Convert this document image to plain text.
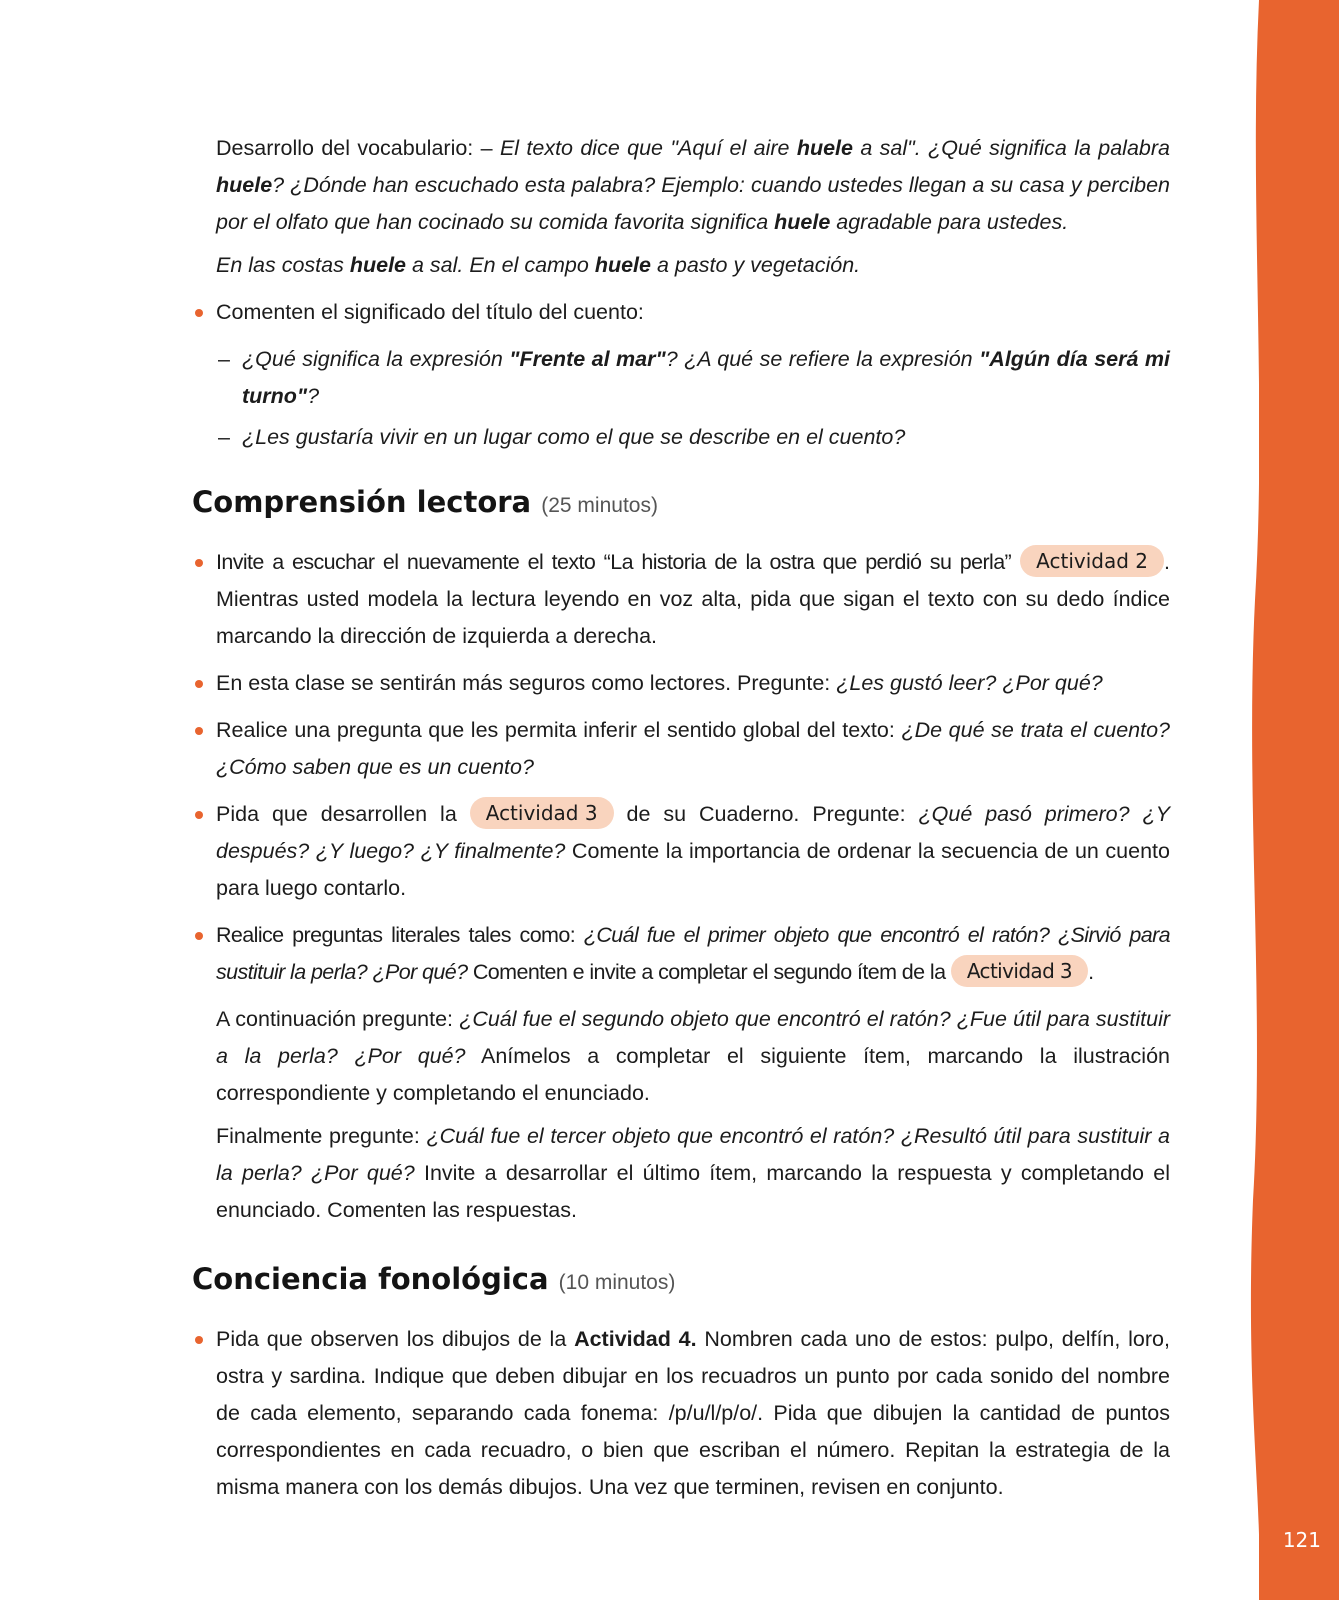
121

Desarrollo del vocabulario: – El texto dice que "Aquí el aire huele a sal". ¿Qué significa la palabra huele? ¿Dónde han escuchado esta palabra? Ejemplo: cuando ustedes llegan a su casa y perciben por el olfato que han cocinado su comida favorita significa huele agradable para ustedes.

En las costas huele a sal. En el campo huele a pasto y vegetación.

Comenten el significado del título del cuento:
– ¿Qué significa la expresión "Frente al mar"? ¿A qué se refiere la expresión "Algún día será mi turno"?
– ¿Les gustaría vivir en un lugar como el que se describe en el cuento?
Comprensión lectora (25 minutos)
Invite a escuchar el nuevamente el texto “La historia de la ostra que perdió su perla” Actividad 2 . Mientras usted modela la lectura leyendo en voz alta, pida que sigan el texto con su dedo índice marcando la dirección de izquierda a derecha.
En esta clase se sentirán más seguros como lectores. Pregunte: ¿Les gustó leer? ¿Por qué?
Realice una pregunta que les permita inferir el sentido global del texto: ¿De qué se trata el cuento? ¿Cómo saben que es un cuento?
Pida que desarrollen la Actividad 3 de su Cuaderno. Pregunte: ¿Qué pasó primero? ¿Y después? ¿Y luego? ¿Y finalmente? Comente la importancia de ordenar la secuencia de un cuento para luego contarlo.
Realice preguntas literales tales como: ¿Cuál fue el primer objeto que encontró el ratón? ¿Sirvió para sustituir la perla? ¿Por qué? Comenten e invite a completar el segundo ítem de la Actividad 3 .

A continuación pregunte: ¿Cuál fue el segundo objeto que encontró el ratón? ¿Fue útil para sustituir a la perla? ¿Por qué? Anímelos a completar el siguiente ítem, marcando la ilustración correspondiente y completando el enunciado.

Finalmente pregunte: ¿Cuál fue el tercer objeto que encontró el ratón? ¿Resultó útil para sustituir a la perla? ¿Por qué? Invite a desarrollar el último ítem, marcando la respuesta y completando el enunciado. Comenten las respuestas.

Conciencia fonológica (10 minutos)
Pida que observen los dibujos de la Actividad 4. Nombren cada uno de estos: pulpo, delfín, loro, ostra y sardina. Indique que deben dibujar en los recuadros un punto por cada sonido del nombre de cada elemento, separando cada fonema: /p/u/l/p/o/. Pida que dibujen la cantidad de puntos correspondientes en cada recuadro, o bien que escriban el número. Repitan la estrategia de la misma manera con los demás dibujos. Una vez que terminen, revisen en conjunto.
